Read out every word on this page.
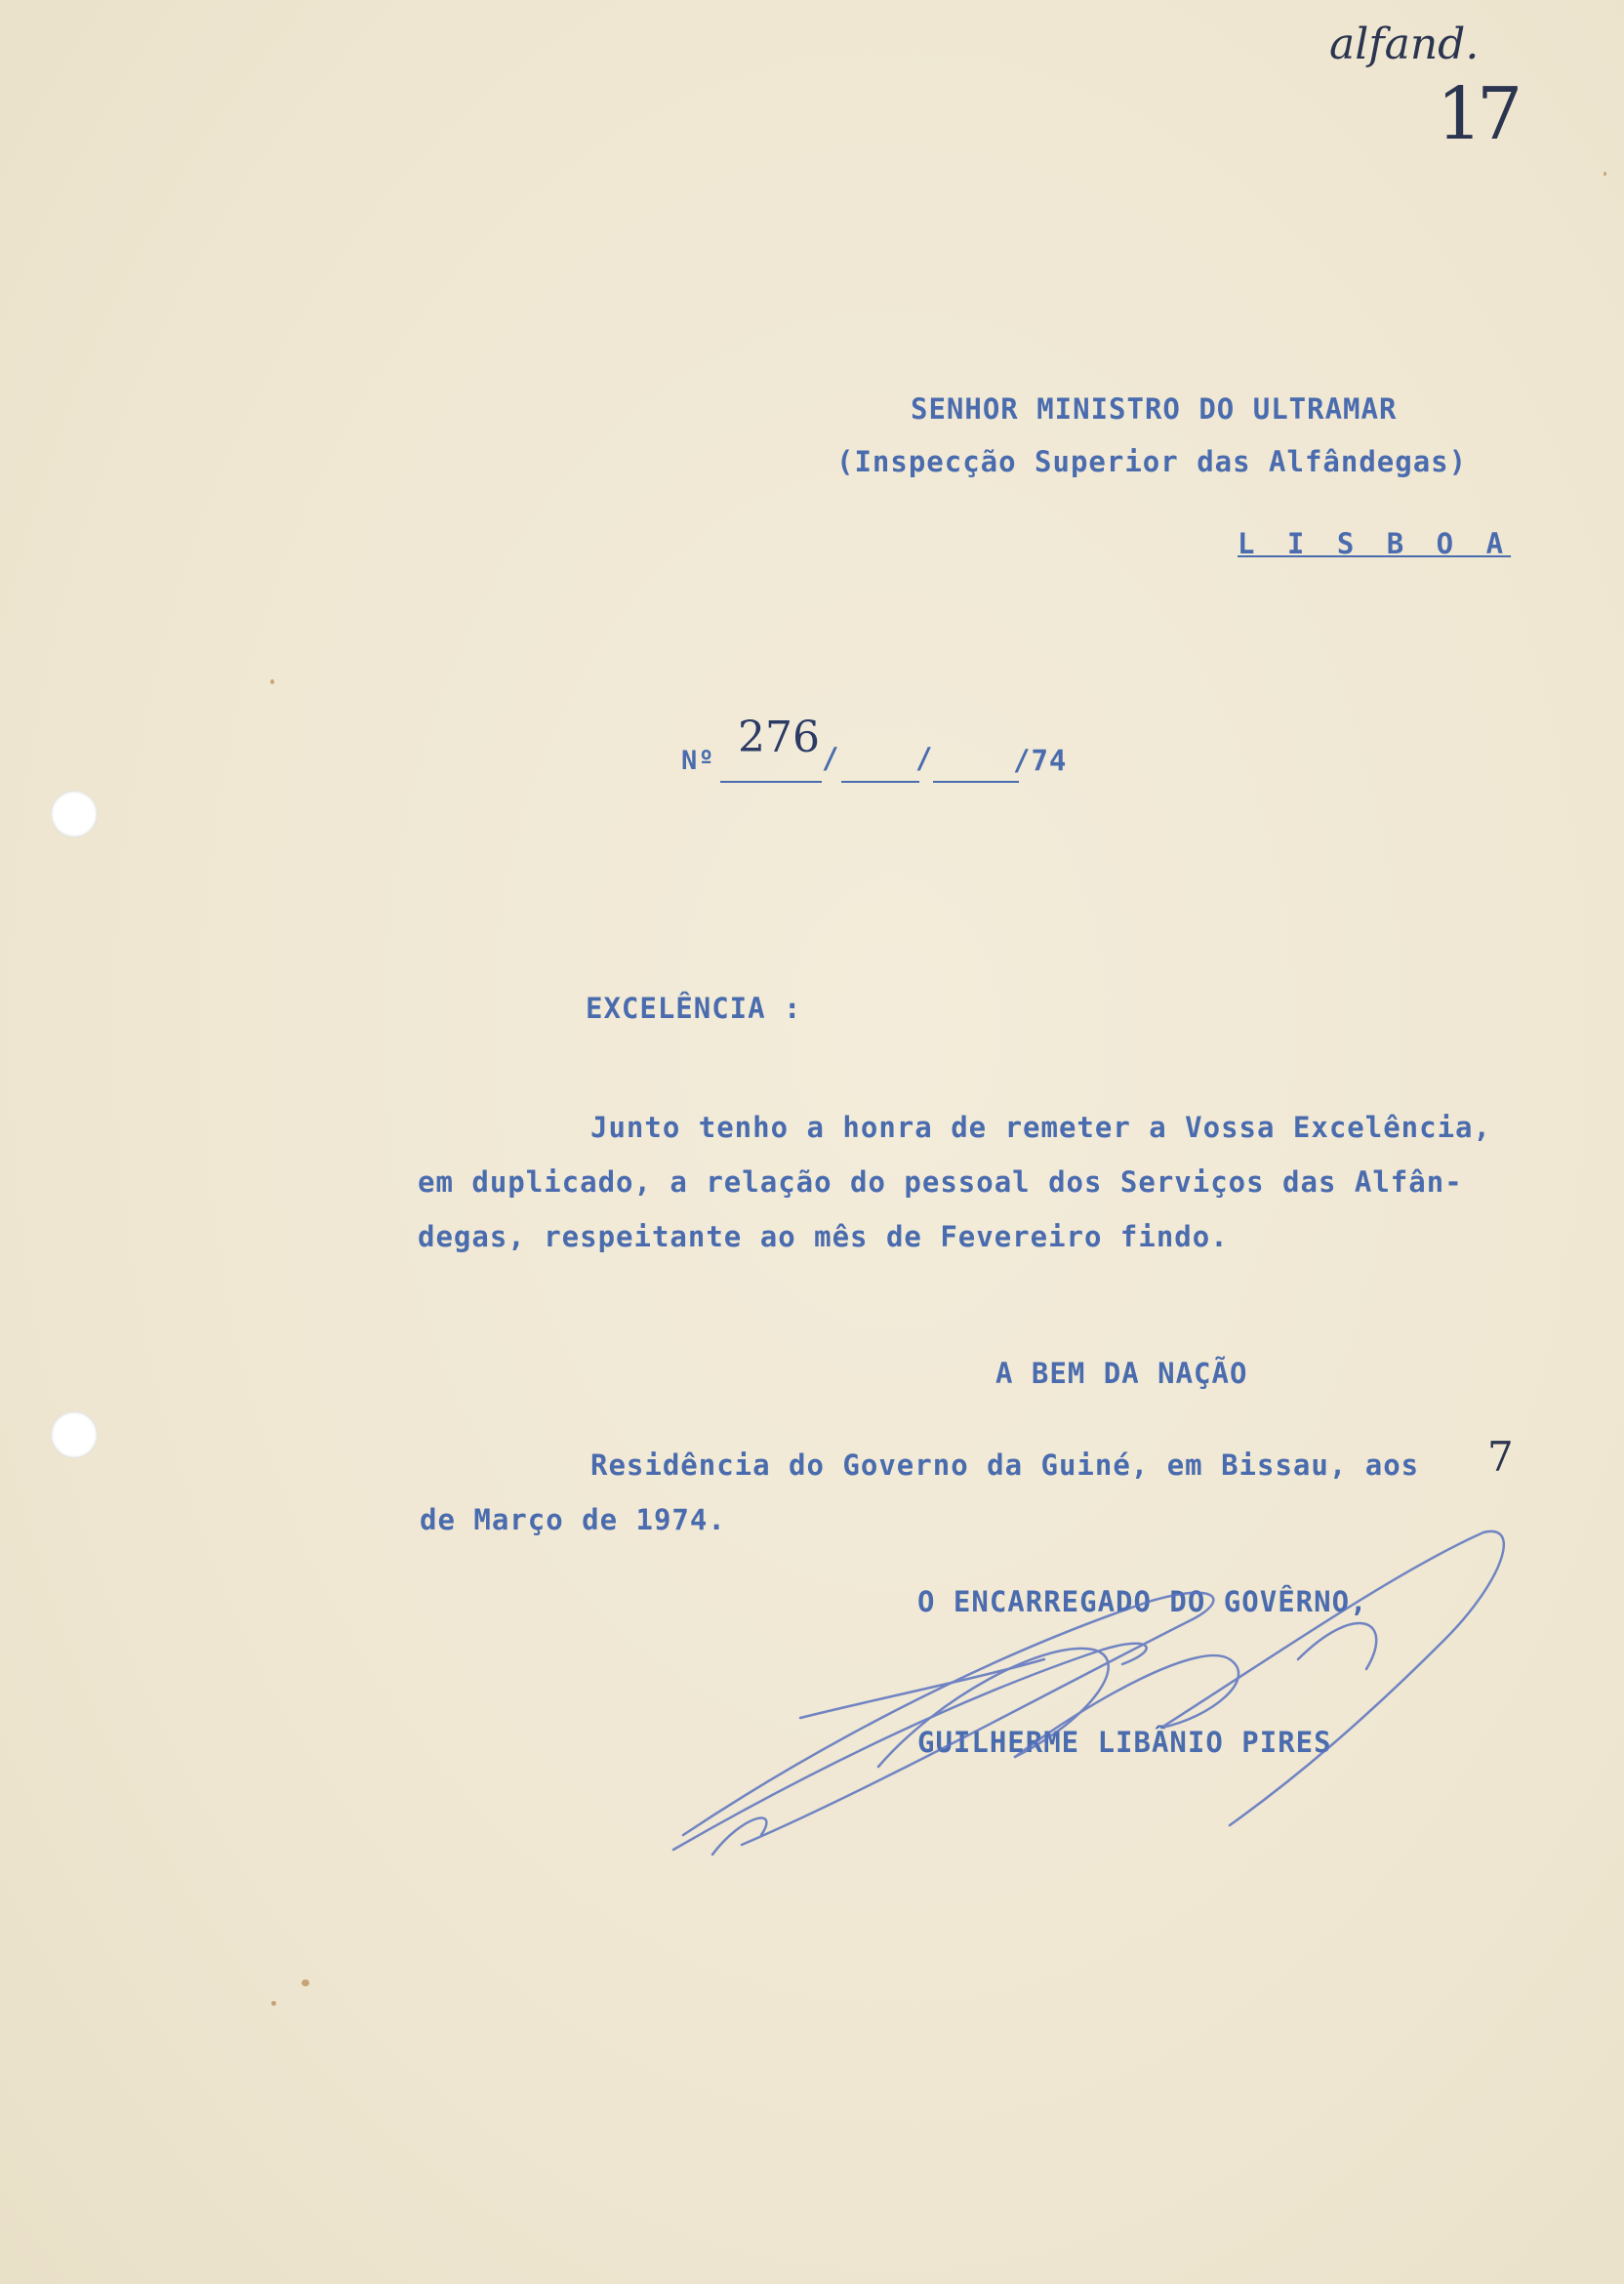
alfand.
17
SENHOR MINISTRO DO ULTRAMAR
(Inspecção Superior das Alfândegas)
L I S B O A
Nº 276 /	/	/74
EXCELÊNCIA :
Junto tenho a honra de remeter a Vossa Excelência,
em duplicado, a relação do pessoal dos Serviços das Alfân-
degas, respeitante ao mês de Fevereiro findo.
A BEM DA NAÇÃO
Residência do Governo da Guiné, em Bissau, aos 7
de Março de 1974.
O ENCARREGADO DO GOVÊRNO,
GUILHERME LIBÂNIO PIRES
